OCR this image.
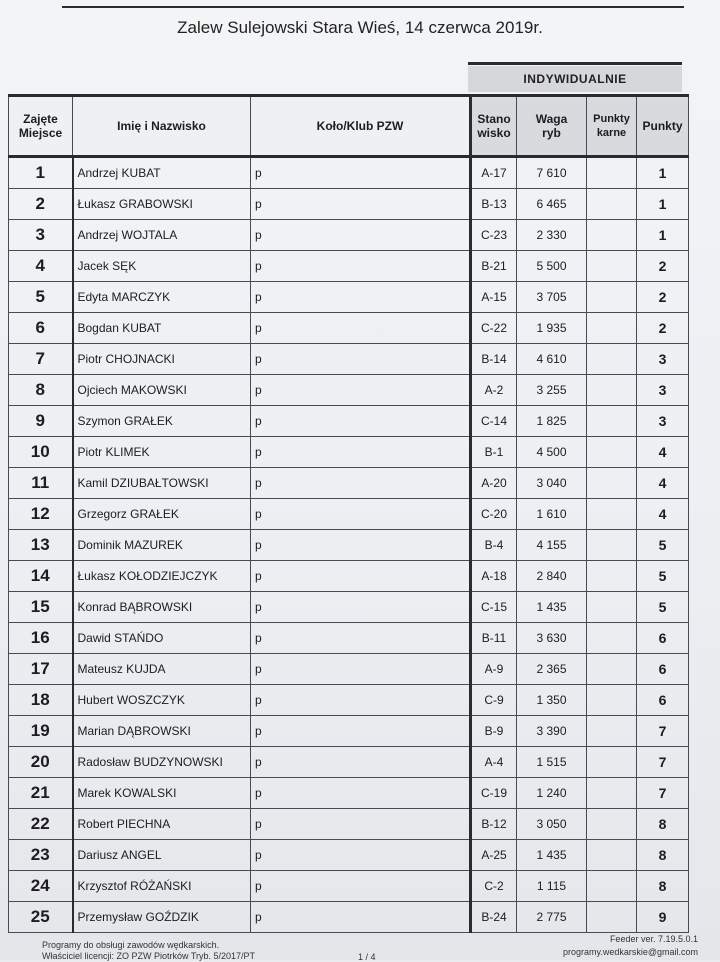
Zalew Sulejowski Stara Wieś, 14 czerwca 2019r.
INDYWIDUALNIE
Zajęte Miejsce	Imię i Nazwisko	Koło/Klub PZW	Stano wisko	Waga ryb	Punkty karne	Punkty
1	Andrzej KUBAT	p	A-17	7 610		1
2	Łukasz GRABOWSKI	p	B-13	6 465		1
3	Andrzej WOJTALA	p	C-23	2 330		1
4	Jacek SĘK	p	B-21	5 500		2
5	Edyta MARCZYK	p	A-15	3 705		2
6	Bogdan KUBAT	p	C-22	1 935		2
7	Piotr CHOJNACKI	p	B-14	4 610		3
8	Ojciech MAKOWSKI	p	A-2	3 255		3
9	Szymon GRAŁEK	p	C-14	1 825		3
10	Piotr KLIMEK	p	B-1	4 500		4
11	Kamil DZIUBAŁTOWSKI	p	A-20	3 040		4
12	Grzegorz GRAŁEK	p	C-20	1 610		4
13	Dominik MAZUREK	p	B-4	4 155		5
14	Łukasz KOŁODZIEJCZYK	p	A-18	2 840		5
15	Konrad BĄBROWSKI	p	C-15	1 435		5
16	Dawid STAŃDO	p	B-11	3 630		6
17	Mateusz KUJDA	p	A-9	2 365		6
18	Hubert WOSZCZYK	p	C-9	1 350		6
19	Marian DĄBROWSKI	p	B-9	3 390		7
20	Radosław BUDZYNOWSKI	p	A-4	1 515		7
21	Marek KOWALSKI	p	C-19	1 240		7
22	Robert PIECHNA	p	B-12	3 050		8
23	Dariusz ANGEL	p	A-25	1 435		8
24	Krzysztof RÓŻAŃSKI	p	C-2	1 115		8
25	Przemysław GOŹDZIK	p	B-24	2 775		9
Programy do obsługi zawodów wędkarskich.
Właściciel licencji: ZO PZW Piotrków Tryb. 5/2017/PT	1 / 4
Feeder ver. 7.19.5.0.1
programy.wedkarskie@gmail.com
